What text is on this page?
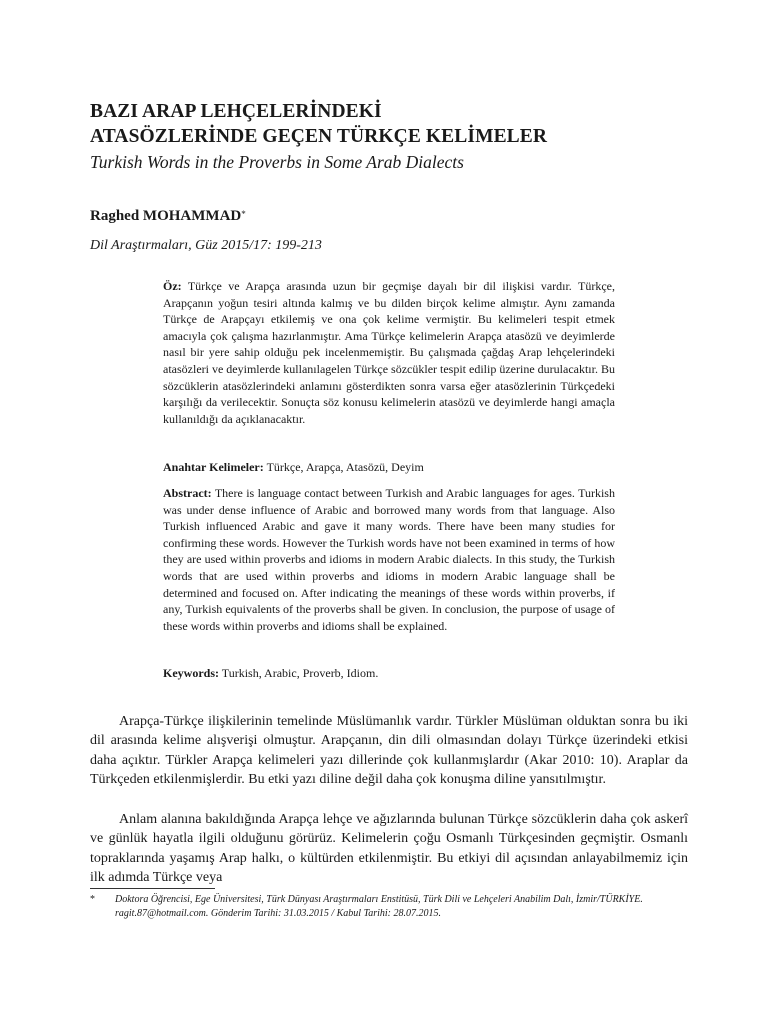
BAZI ARAP LEHÇELERİNDEKİ
ATASÖZLERİNDE GEÇEN TÜRKÇE KELİMELER
Turkish Words in the Proverbs in Some Arab Dialects
Raghed MOHAMMAD*
Dil Araştırmaları, Güz 2015/17: 199-213
Öz: Türkçe ve Arapça arasında uzun bir geçmişe dayalı bir dil ilişkisi vardır. Türkçe, Arapçanın yoğun tesiri altında kalmış ve bu dilden birçok kelime almıştır. Aynı zamanda Türkçe de Arapçayı etkilemiş ve ona çok kelime vermiştir. Bu kelimeleri tespit etmek amacıyla çok çalışma hazırlanmıştır. Ama Türkçe kelimelerin Arapça atasözü ve deyimlerde nasıl bir yere sahip olduğu pek incelenmemiştir. Bu çalışmada çağdaş Arap lehçelerindeki atasözleri ve deyimlerde kullanılagelen Türkçe sözcükler tespit edilip üzerine durulacaktır. Bu sözcüklerin atasözlerindeki anlamını gösterdikten sonra varsa eğer atasözlerinin Türkçedeki karşılığı da verilecektir. Sonuçta söz konusu kelimelerin atasözü ve deyimlerde hangi amaçla kullanıldığı da açıklanacaktır.
Anahtar Kelimeler: Türkçe, Arapça, Atasözü, Deyim
Abstract: There is language contact between Turkish and Arabic languages for ages. Turkish was under dense influence of Arabic and borrowed many words from that language. Also Turkish influenced Arabic and gave it many words. There have been many studies for confirming these words. However the Turkish words have not been examined in terms of how they are used within proverbs and idioms in modern Arabic dialects. In this study, the Turkish words that are used within proverbs and idioms in modern Arabic language shall be determined and focused on. After indicating the meanings of these words within proverbs, if any, Turkish equivalents of the proverbs shall be given. In conclusion, the purpose of usage of these words within proverbs and idioms shall be explained.
Keywords: Turkish, Arabic, Proverb, Idiom.

Arapça-Türkçe ilişkilerinin temelinde Müslümanlık vardır. Türkler Müslüman olduktan sonra bu iki dil arasında kelime alışverişi olmuştur. Arapçanın, din dili olmasından dolayı Türkçe üzerindeki etkisi daha açıktır. Türkler Arapça kelimeleri yazı dillerinde çok kullanmışlardır (Akar 2010: 10). Araplar da Türkçeden etkilenmişlerdir. Bu etki yazı diline değil daha çok konuşma diline yansıtılmıştır.

Anlam alanına bakıldığında Arapça lehçe ve ağızlarında bulunan Türkçe sözcüklerin daha çok askerî ve günlük hayatla ilgili olduğunu görürüz. Kelimelerin çoğu Osmanlı Türkçesinden geçmiştir. Osmanlı topraklarında yaşamış Arap halkı, o kültürden etkilenmiştir. Bu etkiyi dil açısından anlayabilmemiz için ilk adımda Türkçe veya

* Doktora Öğrencisi, Ege Üniversitesi, Türk Dünyası Araştırmaları Enstitüsü, Türk Dili ve Lehçeleri Anabilim Dalı, İzmir/TÜRKİYE. ragit.87@hotmail.com. Gönderim Tarihi: 31.03.2015 / Kabul Tarihi: 28.07.2015.
